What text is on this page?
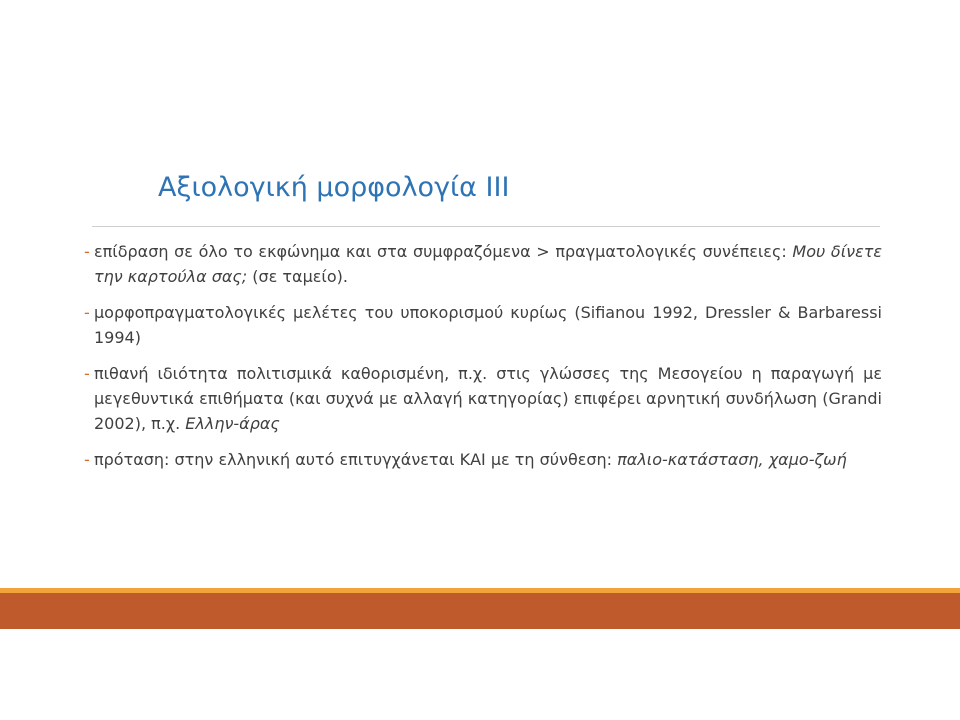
Αξιολογική μορφολογία ΙΙΙ
- επίδραση σε όλο το εκφώνημα και στα συμφραζόμενα > πραγματολογικές συνέπειες: Μου δίνετε την καρτούλα σας; (σε ταμείο).
- μορφοπραγματολογικές μελέτες του υποκορισμού κυρίως (Sifianou 1992, Dressler & Barbaressi 1994)
- πιθανή ιδιότητα πολιτισμικά καθορισμένη, π.χ. στις γλώσσες της Μεσογείου η παραγωγή με μεγεθυντικά επιθήματα (και συχνά με αλλαγή κατηγορίας) επιφέρει αρνητική συνδήλωση (Grandi 2002), π.χ. Ελλην-άρας
- πρόταση: στην ελληνική αυτό επιτυγχάνεται ΚΑΙ με τη σύνθεση: παλιο-κατάσταση, χαμο-ζωή
